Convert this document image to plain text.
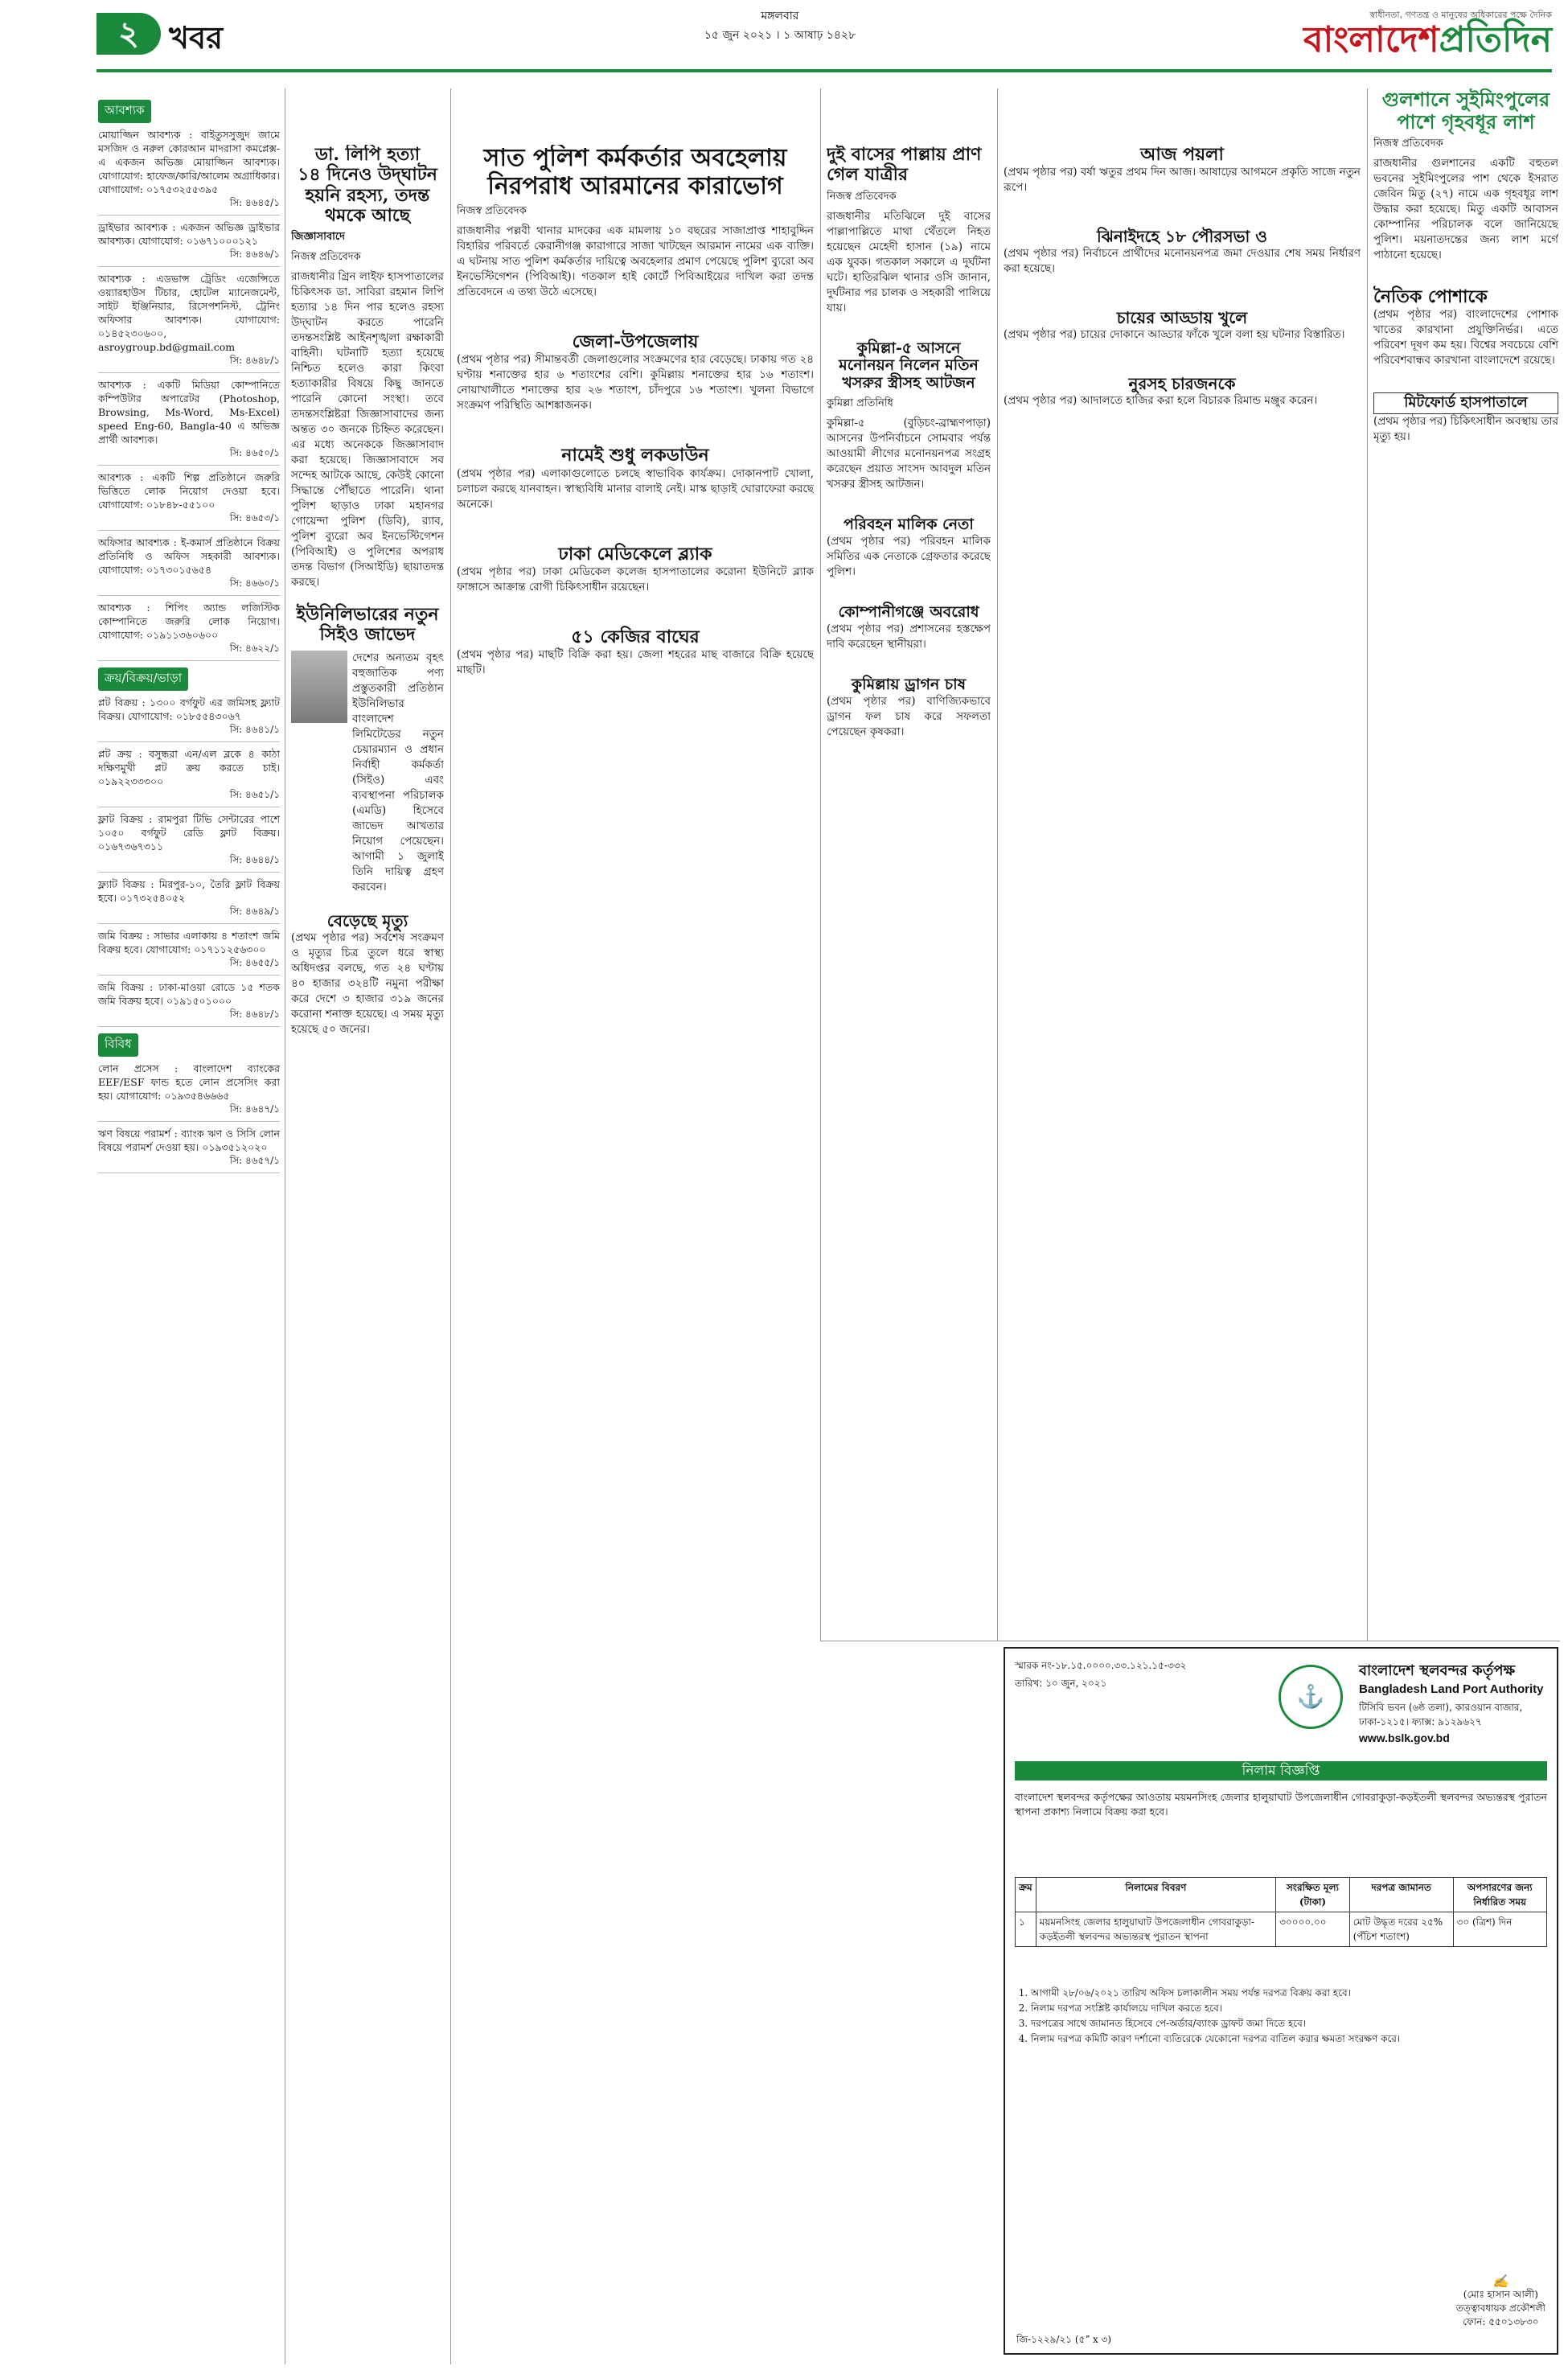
২ খবর
মঙ্গলবার
১৫ জুন ২০২১ । ১ আষাঢ় ১৪২৮
স্বাধীনতা, গণতন্ত্র ও মানুষের অধিকারের পক্ষে দৈনিক
বাংলাদেশপ্রতিদিন
আবশ্যক
মোয়াজ্জিন আবশ্যক : বাইতুসসুজুদ জামে মসজিদ ও নরুল কোরআন মাদরাসা কমপ্লেক্স-এ একজন অভিজ্ঞ মোয়াজ্জিন আবশ্যক। যোগাযোগ: হাফেজ/কারি/আলেম অগ্রাধিকার। যোগাযোগ: ০১৭৫৩২৫৫৩৯৫
সি: ৪৬৪৫/১
ড্রাইভার আবশ্যক : একজন অভিজ্ঞ ড্রাইভার আবশ্যক। যোগাযোগ: ০১৬৭১০০০১২১
সি: ৪৬৪৬/১
আবশ্যক : এডভান্স ট্রেডিং এজেন্সিতে ওয়্যারহাউস টিচার, হোটেল ম্যানেজমেন্ট, সাইট ইঞ্জিনিয়ার, রিসেপশনিস্ট, ট্রেনিং অফিসার আবশ্যক। যোগাযোগ: ০১৪৫২৩০৬০০, asroygroup.bd@gmail.com
সি: ৪৬৪৮/১
আবশ্যক : একটি মিডিয়া কোম্পানিতে কম্পিউটার অপারেটর (Photoshop, Browsing, Ms-Word, Ms-Excel) speed Eng-60, Bangla-40 এ অভিজ্ঞ প্রার্থী আবশ্যক।
সি: ৪৬৫০/১
আবশ্যক : একটি শিল্প প্রতিষ্ঠানে জরুরি ভিত্তিতে লোক নিয়োগ দেওয়া হবে। যোগাযোগ: ০১৮৪৮-৫৫১০০
সি: ৪৬৫৩/১
অফিসার আবশ্যক : ই-কমার্স প্রতিষ্ঠানে বিক্রয় প্রতিনিধি ও অফিস সহকারী আবশ্যক। যোগাযোগ: ০১৭৩০১৫৬৫৪
সি: ৪৬৬০/১
আবশ্যক : শিপিং অ্যান্ড লজিস্টিক কোম্পানিতে জরুরি লোক নিয়োগ। যোগাযোগ: ০১৯১১৩৬০৬০০
সি: ৪৬২২/১
ক্রয়/বিক্রয়/ভাড়া
প্লট বিক্রয় : ১৩০০ বর্গফুট এর জমিসহ ফ্ল্যাট বিক্রয়। যোগাযোগ: ০১৮৫৫৪৩০৬৭
সি: ৪৬৪১/১
প্লট ক্রয় : বসুন্ধরা এন/এল ব্লকে ৪ কাঠা দক্ষিণমুখী প্লট ক্রয় করতে চাই। ০১৯২২৩৩৩০০
সি: ৪৬৫১/১
ফ্লাট বিক্রয় : রামপুরা টিভি সেন্টারের পাশে ১০৫০ বর্গফুট রেডি ফ্লাট বিক্রয়। ০১৬৭৩৬৭৩১১
সি: ৪৬৪৪/১
ফ্ল্যাট বিক্রয় : মিরপুর-১০, তৈরি ফ্লাট বিক্রয় হবে। ০১৭৩২৫৪০৫২
সি: ৪৬৪৯/১
জমি বিক্রয় : সাভার এলাকায় ৪ শতাংশ জমি বিক্রয় হবে। যোগাযোগ: ০১৭১১২৫৬৩০০
সি: ৪৬৫৫/১
জমি বিক্রয় : ঢাকা-মাওয়া রোডে ১৫ শতক জমি বিক্রয় হবে। ০১৯১৫০১০০০
সি: ৪৬৪৮/১
বিবিধ
লোন প্রসেস : বাংলাদেশ ব্যাংকের EEF/ESF ফান্ড হতে লোন প্রসেসিং করা হয়। যোগাযোগ: ০১৯৩৫৪৬৬৬৫
সি: ৪৬৪৭/১
ঋণ বিষয়ে পরামর্শ : ব্যাংক ঋণ ও সিসি লোন বিষয়ে পরামর্শ দেওয়া হয়। ০১৯৩৫১২০২০
সি: ৪৬৫৭/১
ডা. লিপি হত্যা
১৪ দিনেও উদ্‌ঘাটন হয়নি রহস্য, তদন্ত থমকে আছে
জিজ্ঞাসাবাদে
নিজস্ব প্রতিবেদক

রাজধানীর গ্রিন লাইফ হাসপাতালের চিকিৎসক ডা. সাবিরা রহমান লিপি হত্যার ১৪ দিন পার হলেও রহস্য উদ্‌ঘাটন করতে পারেনি তদন্তসংশ্লিষ্ট আইনশৃঙ্খলা রক্ষাকারী বাহিনী। ঘটনাটি হত্যা হয়েছে নিশ্চিত হলেও কারা কিংবা হত্যাকারীর বিষয়ে কিছু জানতে পারেনি কোনো সংস্থা। তবে তদন্তসংশ্লিষ্টরা জিজ্ঞাসাবাদের জন্য অন্তত ৩০ জনকে চিহ্নিত করেছেন। এর মধ্যে অনেককে জিজ্ঞাসাবাদ করা হয়েছে। জিজ্ঞাসাবাদে সব সন্দেহ আটকে আছে, কেউই কোনো সিদ্ধান্তে পৌঁছাতে পারেনি। থানা পুলিশ ছাড়াও ঢাকা মহানগর গোয়েন্দা পুলিশ (ডিবি), র‌্যাব, পুলিশ ব্যুরো অব ইনভেস্টিগেশন (পিবিআই) ও পুলিশের অপরাধ তদন্ত বিভাগ (সিআইডি) ছায়াতদন্ত করছে।

ইউনিলিভারের নতুন সিইও জাভেদ

দেশের অন্যতম বৃহৎ বহুজাতিক পণ্য প্রস্তুতকারী প্রতিষ্ঠান ইউনিলিভার বাংলাদেশ লিমিটেডের নতুন চেয়ারম্যান ও প্রধান নির্বাহী কর্মকর্তা (সিইও) এবং ব্যবস্থাপনা পরিচালক (এমডি) হিসেবে জাভেদ আখতার নিয়োগ পেয়েছেন। আগামী ১ জুলাই তিনি দায়িত্ব গ্রহণ করবেন।

বেড়েছে মৃত্যু

(প্রথম পৃষ্ঠার পর) সর্বশেষ সংক্রমণ ও মৃত্যুর চিত্র তুলে ধরে স্বাস্থ্য অধিদপ্তর বলছে, গত ২৪ ঘণ্টায় ৪০ হাজার ৩২৪টি নমুনা পরীক্ষা করে দেশে ৩ হাজার ৩১৯ জনের করোনা শনাক্ত হয়েছে। এ সময় মৃত্যু হয়েছে ৫০ জনের।

সাত পুলিশ কর্মকর্তার অবহেলায় নিরপরাধ আরমানের কারাভোগ
নিজস্ব প্রতিবেদক

রাজধানীর পল্লবী থানার মাদকের এক মামলায় ১০ বছরের সাজাপ্রাপ্ত শাহাবুদ্দিন বিহারির পরিবর্তে কেরানীগঞ্জ কারাগারে সাজা খাটছেন আরমান নামের এক ব্যক্তি। এ ঘটনায় সাত পুলিশ কর্মকর্তার দায়িত্বে অবহেলার প্রমাণ পেয়েছে পুলিশ ব্যুরো অব ইনভেস্টিগেশন (পিবিআই)। গতকাল হাই কোর্টে পিবিআইয়ের দাখিল করা তদন্ত প্রতিবেদনে এ তথ্য উঠে এসেছে।

জেলা-উপজেলায়

(প্রথম পৃষ্ঠার পর) সীমান্তবর্তী জেলাগুলোর সংক্রমণের হার বেড়েছে। ঢাকায় গত ২৪ ঘণ্টায় শনাক্তের হার ৬ শতাংশের বেশি। কুমিল্লায় শনাক্তের হার ১৬ শতাংশ। নোয়াখালীতে শনাক্তের হার ২৬ শতাংশ, চাঁদপুরে ১৬ শতাংশ। খুলনা বিভাগে সংক্রমণ পরিস্থিতি আশঙ্কাজনক।

নামেই শুধু লকডাউন

(প্রথম পৃষ্ঠার পর) এলাকাগুলোতে চলছে স্বাভাবিক কার্যক্রম। দোকানপাট খোলা, চলাচল করছে যানবাহন। স্বাস্থ্যবিধি মানার বালাই নেই। মাস্ক ছাড়াই ঘোরাফেরা করছে অনেকে।

ঢাকা মেডিকেলে ব্ল্যাক

(প্রথম পৃষ্ঠার পর) ঢাকা মেডিকেল কলেজ হাসপাতালের করোনা ইউনিটে ব্ল্যাক ফাঙ্গাসে আক্রান্ত রোগী চিকিৎসাধীন রয়েছেন।

৫১ কেজির বাঘের

(প্রথম পৃষ্ঠার পর) মাছটি বিক্রি করা হয়। জেলা শহরের মাছ বাজারে বিক্রি হয়েছে মাছটি।

দুই বাসের পাল্লায় প্রাণ গেল যাত্রীর
নিজস্ব প্রতিবেদক

রাজধানীর মতিঝিলে দুই বাসের পাল্লাপাল্লিতে মাথা থেঁতলে নিহত হয়েছেন মেহেদী হাসান (১৯) নামে এক যুবক। গতকাল সকালে এ দুর্ঘটনা ঘটে। হাতিরঝিল থানার ওসি জানান, দুর্ঘটনার পর চালক ও সহকারী পালিয়ে যায়।

কুমিল্লা-৫ আসনে মনোনয়ন নিলেন মতিন খসরুর স্ত্রীসহ আটজন
কুমিল্লা প্রতিনিধি

কুমিল্লা-৫ (বুড়িচং-ব্রাহ্মণপাড়া) আসনের উপনির্বাচনে সোমবার পর্যন্ত আওয়ামী লীগের মনোনয়নপত্র সংগ্রহ করেছেন প্রয়াত সাংসদ আবদুল মতিন খসরুর স্ত্রীসহ আটজন।

পরিবহন মালিক নেতা

(প্রথম পৃষ্ঠার পর) পরিবহন মালিক সমিতির এক নেতাকে গ্রেফতার করেছে পুলিশ।

কোম্পানীগঞ্জে অবরোধ

(প্রথম পৃষ্ঠার পর) প্রশাসনের হস্তক্ষেপ দাবি করেছেন স্থানীয়রা।

কুমিল্লায় ড্রাগন চাষ

(প্রথম পৃষ্ঠার পর) বাণিজ্যিকভাবে ড্রাগন ফল চাষ করে সফলতা পেয়েছেন কৃষকরা।

আজ পয়লা

(প্রথম পৃষ্ঠার পর) বর্ষা ঋতুর প্রথম দিন আজ। আষাঢ়ের আগমনে প্রকৃতি সাজে নতুন রূপে।

ঝিনাইদহে ১৮ পৌরসভা ও

(প্রথম পৃষ্ঠার পর) নির্বাচনে প্রার্থীদের মনোনয়নপত্র জমা দেওয়ার শেষ সময় নির্ধারণ করা হয়েছে।

চায়ের আড্ডায় খুলে

(প্রথম পৃষ্ঠার পর) চায়ের দোকানে আড্ডার ফাঁকে খুলে বলা হয় ঘটনার বিস্তারিত।

নুরসহ চারজনকে

(প্রথম পৃষ্ঠার পর) আদালতে হাজির করা হলে বিচারক রিমান্ড মঞ্জুর করেন।

গুলশানে সুইমিংপুলের পাশে গৃহবধূর লাশ
নিজস্ব প্রতিবেদক

রাজধানীর গুলশানের একটি বহুতল ভবনের সুইমিংপুলের পাশ থেকে ইসরাত জেবিন মিতু (২৭) নামে এক গৃহবধূর লাশ উদ্ধার করা হয়েছে। মিতু একটি আবাসন কোম্পানির পরিচালক বলে জানিয়েছে পুলিশ। ময়নাতদন্তের জন্য লাশ মর্গে পাঠানো হয়েছে।

নৈতিক পোশাকে

(প্রথম পৃষ্ঠার পর) বাংলাদেশের পোশাক খাতের কারখানা প্রযুক্তিনির্ভর। এতে পরিবেশ দূষণ কম হয়। বিশ্বের সবচেয়ে বেশি পরিবেশবান্ধব কারখানা বাংলাদেশে রয়েছে।

মিটফোর্ড হাসপাতালে

(প্রথম পৃষ্ঠার পর) চিকিৎসাধীন অবস্থায় তার মৃত্যু হয়।

স্মারক নং-১৮.১৫.০০০০.৩৩.১২১.১৫-৩৩২
তারিখ: ১০ জুন, ২০২১	⚓
বাংলাদেশ স্থলবন্দর কর্তৃপক্ষ
Bangladesh Land Port Authority
টিসিবি ভবন (৬ষ্ঠ তলা), কারওয়ান বাজার, ঢাকা-১২১৫। ফ্যাক্স: ৯১২৯৬২৭
www.bslk.gov.bd
নিলাম বিজ্ঞপ্তি
বাংলাদেশ স্থলবন্দর কর্তৃপক্ষের আওতায় ময়মনসিংহ জেলার হালুয়াঘাট উপজেলাধীন গোবরাকুড়া-কড়ইতলী স্থলবন্দর অভ্যন্তরস্থ পুরাতন স্থাপনা প্রকাশ্য নিলামে বিক্রয় করা হবে।
ক্রম	নিলামের বিবরণ	সংরক্ষিত মূল্য (টাকা)	দরপত্র জামানত	অপসারণের জন্য নির্ধারিত সময়
১	ময়মনসিংহ জেলার হালুয়াঘাট উপজেলাধীন গোবরাকুড়া-কড়ইতলী স্থলবন্দর অভ্যন্তরস্থ পুরাতন স্থাপনা	৩০০০০.০০	মোট উদ্ধৃত দরের ২৫% (পঁচিশ শতাংশ)	৩০ (ত্রিশ) দিন
1. আগামী ২৮/০৬/২০২১ তারিখ অফিস চলাকালীন সময় পর্যন্ত দরপত্র বিক্রয় করা হবে।
2. নিলাম দরপত্র সংশ্লিষ্ট কার্যালয়ে দাখিল করতে হবে।
3. দরপত্রের সাথে জামানত হিসেবে পে-অর্ডার/ব্যাংক ড্রাফট জমা দিতে হবে।
4. নিলাম দরপত্র কমিটি কারণ দর্শানো ব্যতিরেকে যেকোনো দরপত্র বাতিল করার ক্ষমতা সংরক্ষণ করে।
✍
(মোঃ হাসান আলী)
তত্ত্বাবধায়ক প্রকৌশলী
ফোন: ৫৫০১৩৮৩০
জি-১২২৯/২১ (৫ˮ x ৩)
